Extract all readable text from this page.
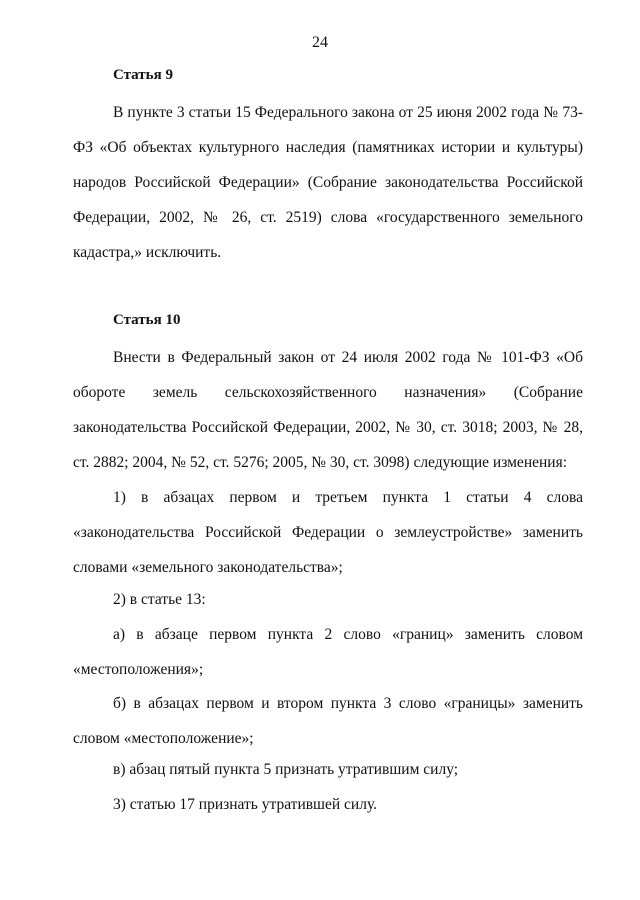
24
Статья 9
В пункте 3 статьи 15 Федерального закона от 25 июня 2002 года № 73-ФЗ «Об объектах культурного наследия (памятниках истории и культуры) народов Российской Федерации» (Собрание законодательства Российской Федерации, 2002, № 26, ст. 2519) слова «государственного земельного кадастра,» исключить.
Статья 10
Внести в Федеральный закон от 24 июля 2002 года № 101-ФЗ «Об обороте земель сельскохозяйственного назначения» (Собрание законодательства Российской Федерации, 2002, № 30, ст. 3018; 2003, № 28, ст. 2882; 2004, № 52, ст. 5276; 2005, № 30, ст. 3098) следующие изменения:
1) в абзацах первом и третьем пункта 1 статьи 4 слова «законодательства Российской Федерации о землеустройстве» заменить словами «земельного законодательства»;
2) в статье 13:
а) в абзаце первом пункта 2 слово «границ» заменить словом «местоположения»;
б) в абзацах первом и втором пункта 3 слово «границы» заменить словом «местоположение»;
в) абзац пятый пункта 5 признать утратившим силу;
3) статью 17 признать утратившей силу.
